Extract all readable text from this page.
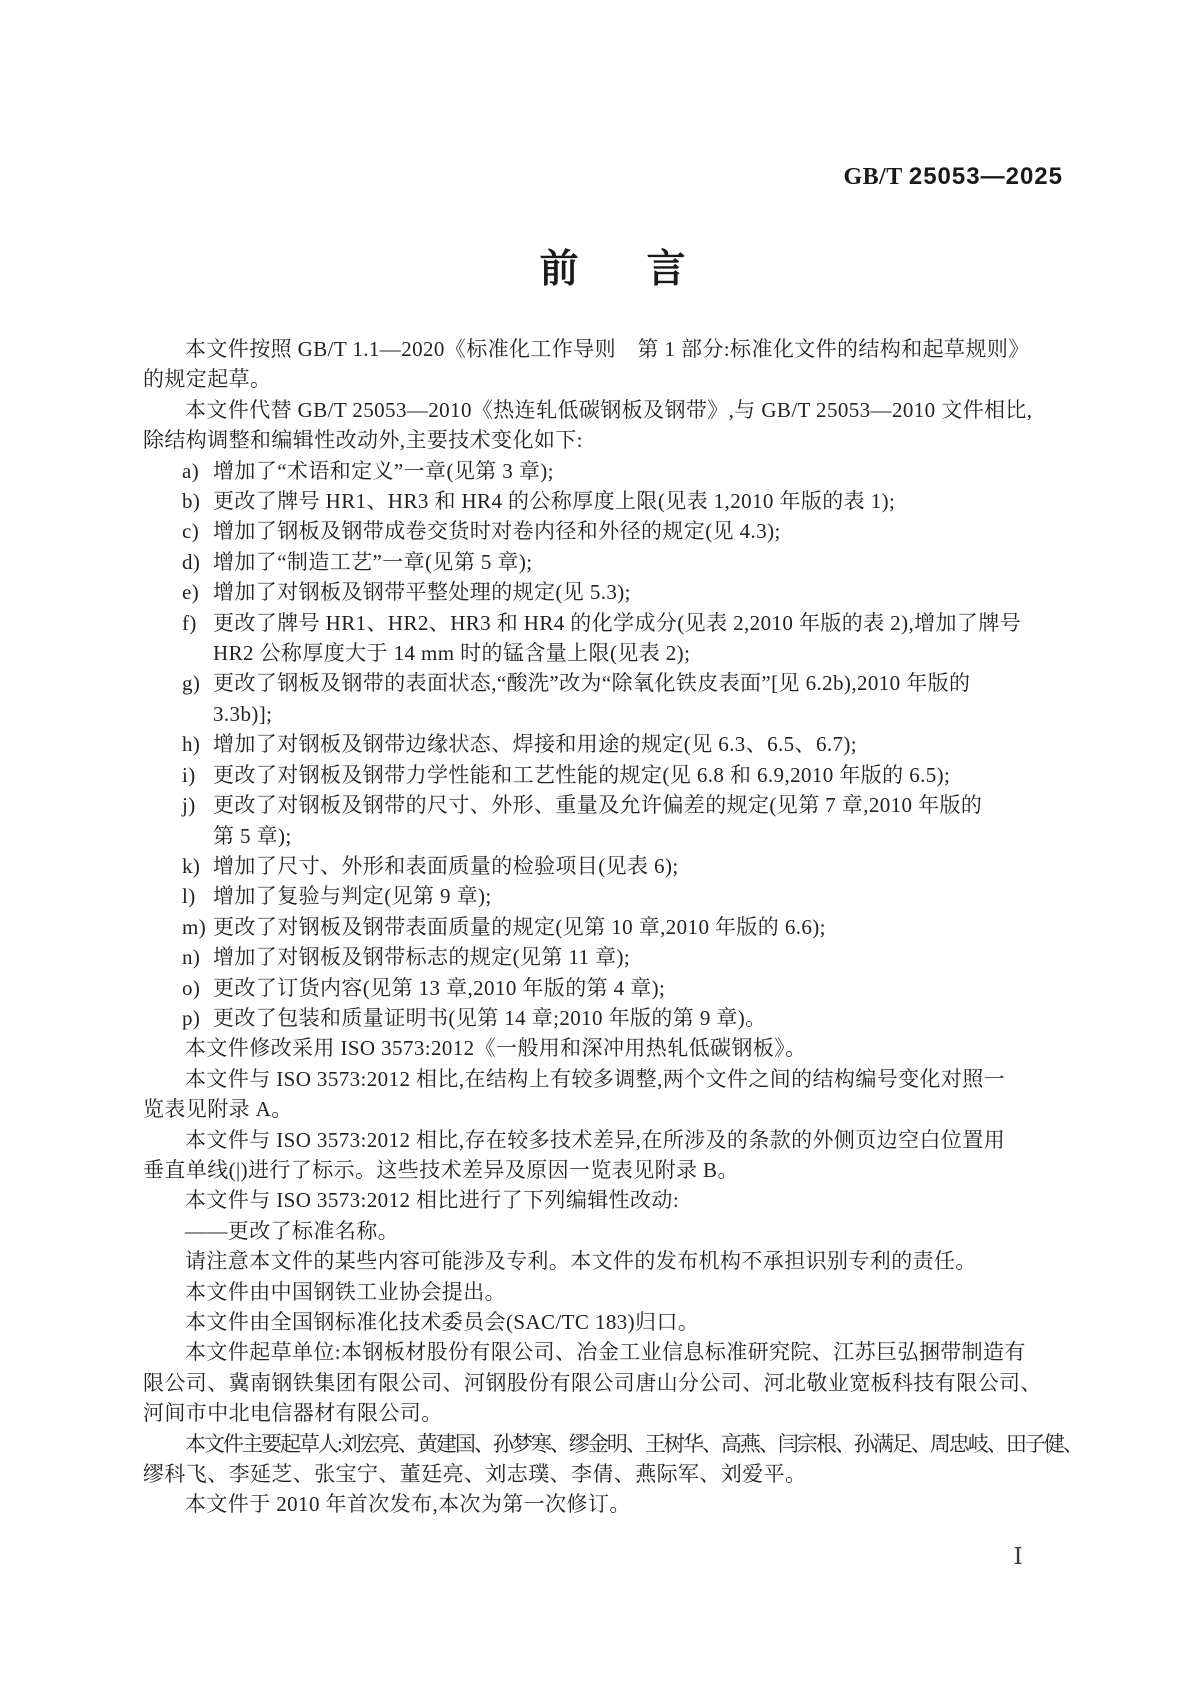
GB/T 25053—2025

前 言
本文件按照 GB/T 1.1—2020《标准化工作导则　第 1 部分:标准化文件的结构和起草规则》
的规定起草。
本文件代替 GB/T 25053—2010《热连轧低碳钢板及钢带》,与 GB/T 25053—2010 文件相比,
除结构调整和编辑性改动外,主要技术变化如下:
a) 增加了“术语和定义”一章(见第 3 章);
b) 更改了牌号 HR1、HR3 和 HR4 的公称厚度上限(见表 1,2010 年版的表 1);
c) 增加了钢板及钢带成卷交货时对卷内径和外径的规定(见 4.3);
d) 增加了“制造工艺”一章(见第 5 章);
e) 增加了对钢板及钢带平整处理的规定(见 5.3);
f) 更改了牌号 HR1、HR2、HR3 和 HR4 的化学成分(见表 2,2010 年版的表 2),增加了牌号
HR2 公称厚度大于 14 mm 时的锰含量上限(见表 2);
g) 更改了钢板及钢带的表面状态,“酸洗”改为“除氧化铁皮表面”[见 6.2b),2010 年版的
3.3b)];
h) 增加了对钢板及钢带边缘状态、焊接和用途的规定(见 6.3、6.5、6.7);
i) 更改了对钢板及钢带力学性能和工艺性能的规定(见 6.8 和 6.9,2010 年版的 6.5);
j) 更改了对钢板及钢带的尺寸、外形、重量及允许偏差的规定(见第 7 章,2010 年版的
第 5 章);
k) 增加了尺寸、外形和表面质量的检验项目(见表 6);
l) 增加了复验与判定(见第 9 章);
m) 更改了对钢板及钢带表面质量的规定(见第 10 章,2010 年版的 6.6);
n) 增加了对钢板及钢带标志的规定(见第 11 章);
o) 更改了订货内容(见第 13 章,2010 年版的第 4 章);
p) 更改了包装和质量证明书(见第 14 章;2010 年版的第 9 章)。
本文件修改采用 ISO 3573:2012《一般用和深冲用热轧低碳钢板》。
本文件与 ISO 3573:2012 相比,在结构上有较多调整,两个文件之间的结构编号变化对照一
览表见附录 A。
本文件与 ISO 3573:2012 相比,存在较多技术差异,在所涉及的条款的外侧页边空白位置用
垂直单线(|)进行了标示。这些技术差异及原因一览表见附录 B。
本文件与 ISO 3573:2012 相比进行了下列编辑性改动:
——更改了标准名称。
请注意本文件的某些内容可能涉及专利。本文件的发布机构不承担识别专利的责任。
本文件由中国钢铁工业协会提出。
本文件由全国钢标准化技术委员会(SAC/TC 183)归口。
本文件起草单位:本钢板材股份有限公司、冶金工业信息标准研究院、江苏巨弘捆带制造有
限公司、冀南钢铁集团有限公司、河钢股份有限公司唐山分公司、河北敬业宽板科技有限公司、
河间市中北电信器材有限公司。
本文件主要起草人:刘宏亮、黄建国、孙梦寒、缪金明、王树华、高燕、闫宗根、孙满足、周忠岐、田子健、
缪科飞、李延芝、张宝宁、董廷亮、刘志璞、李倩、燕际军、刘爱平。
本文件于 2010 年首次发布,本次为第一次修订。
Ⅰ
